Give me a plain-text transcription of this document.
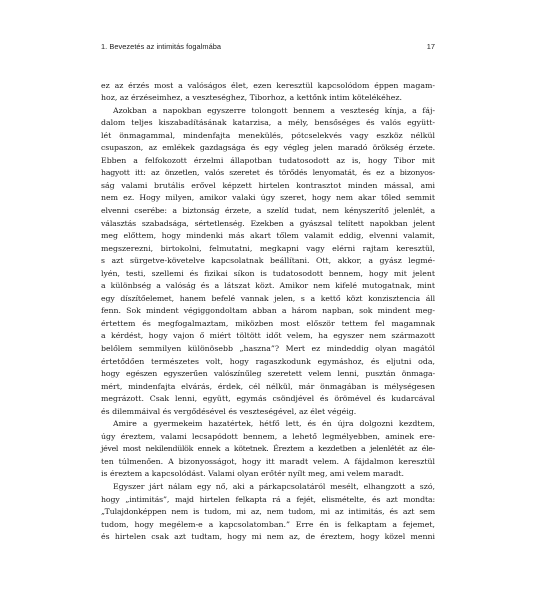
1. Bevezetés az intimitás fogalmába	17

ez az érzés most a valóságos élet, ezen keresztül kapcsolódom éppen magam-
hoz, az érzéseimhez, a veszteséghez, Tiborhoz, a kettőnk intim kötelékéhez.

Azokban a napokban egyszerre tolongott bennem a veszteség kínja, a fáj-
dalom teljes kiszabadításának katarzisa, a mély, bensőséges és valós együtt-
lét önmagammal, mindenfajta menekülés, pótcselekvés vagy eszköz nélkül
csupaszon, az emlékek gazdagsága és egy végleg jelen maradó örökség érzete.
Ebben a felfokozott érzelmi állapotban tudatosodott az is, hogy Tibor mit
hagyott itt: az önzetlen, valós szeretet és törődés lenyomatát, és ez a bizonyos-
ság valami brutális erővel képzett hirtelen kontrasztot minden mással, ami
nem ez. Hogy milyen, amikor valaki úgy szeret, hogy nem akar tőled semmit
elvenni cserébe: a biztonság érzete, a szelíd tudat, nem kényszerítő jelenlét, a
választás szabadsága, sértetlenség. Ezekben a gyászsal telített napokban jelent
meg előttem, hogy mindenki más akart tőlem valamit eddig, elvenni valamit,
megszerezni, birtokolni, felmutatni, megkapni vagy elérni rajtam keresztül,
s azt sürgetve-követelve kapcsolatnak beállítani. Ott, akkor, a gyász legmé-
lyén, testi, szellemi és fizikai síkon is tudatosodott bennem, hogy mit jelent
a különbség a valóság és a látszat közt. Amikor nem kifelé mutogatnak, mint
egy díszítőelemet, hanem befelé vannak jelen, s a kettő közt konzisztencia áll
fenn. Sok mindent végiggondoltam abban a három napban, sok mindent meg-
értettem és megfogalmaztam, miközben most először tettem fel magamnak
a kérdést, hogy vajon ő miért töltött időt velem, ha egyszer nem származott
belőlem semmilyen különösebb „haszna”? Mert ez mindeddig olyan magától
értetődően természetes volt, hogy ragaszkodunk egymáshoz, és eljutni oda,
hogy egészen egyszerűen valószínűleg szeretett velem lenni, pusztán önmaga-
mért, mindenfajta elvárás, érdek, cél nélkül, már önmagában is mélységesen
megrázott. Csak lenni, együtt, egymás csöndjével és örömével és kudarcával
és dilemmáival és vergődésével és veszteségével, az élet végéig.

Amire a gyermekeim hazatértek, hétfő lett, és én újra dolgozni kezdtem,
úgy éreztem, valami lecsapódott bennem, a lehető legmélyebben, aminek ere-
jével most nekilendülök ennek a kötetnek. Éreztem a kezdetben a jelenlétét az éle-
ten túlmenően. A bizonyosságot, hogy itt maradt velem. A fájdalmon keresztül
is éreztem a kapcsolódást. Valami olyan erőtér nyílt meg, ami velem maradt.

Egyszer járt nálam egy nő, aki a párkapcsolatáról mesélt, elhangzott a szó,
hogy „intimitás”, majd hirtelen felkapta rá a fejét, elismételte, és azt mondta:
„Tulajdonképpen nem is tudom, mi az, nem tudom, mi az intimitás, és azt sem
tudom, hogy megélem-e a kapcsolatomban.” Erre én is felkaptam a fejemet,
és hirtelen csak azt tudtam, hogy mi nem az, de éreztem, hogy közel menni
